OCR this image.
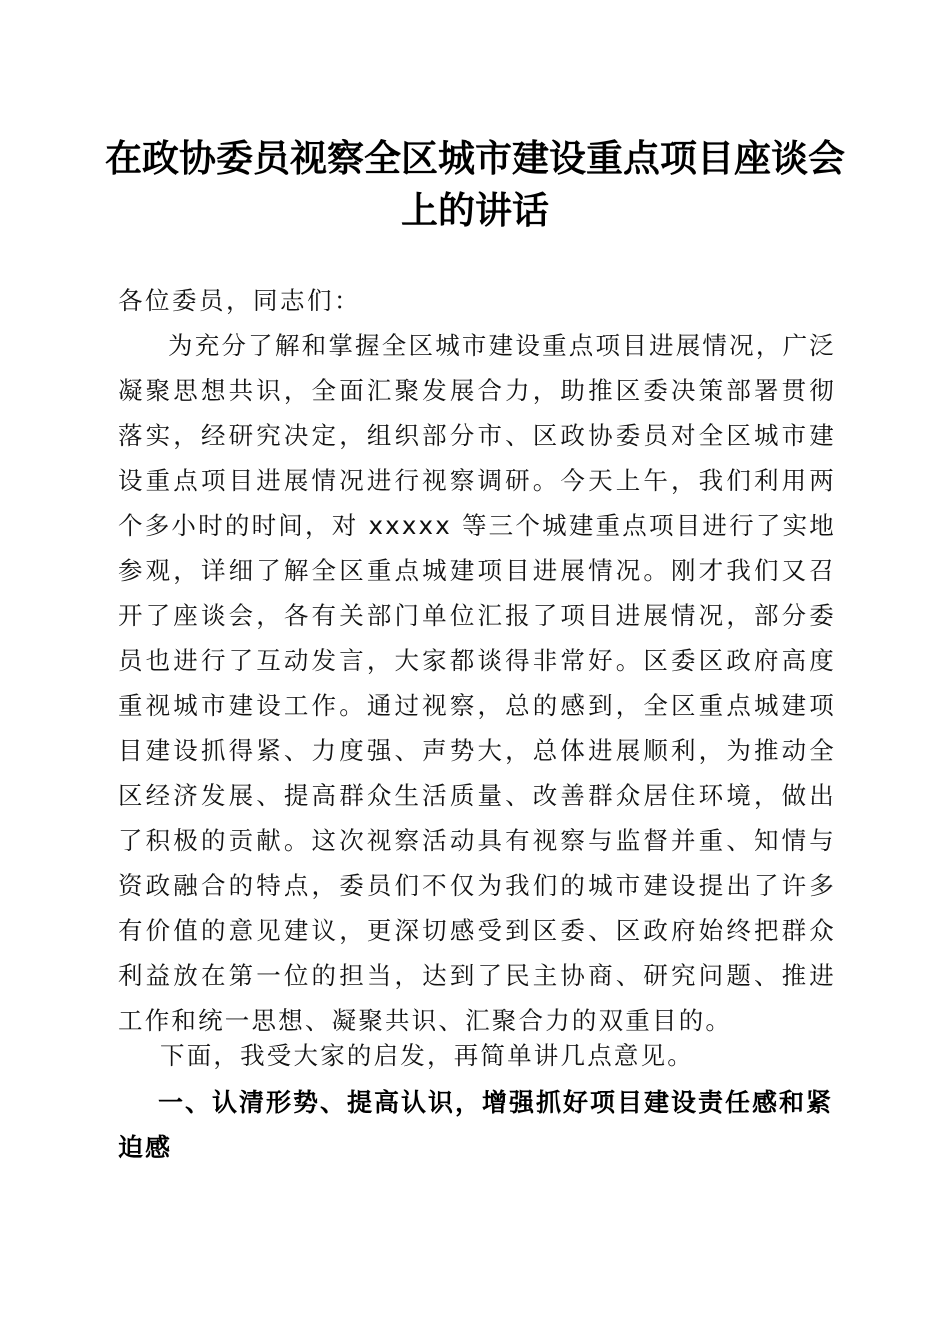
在政协委员视察全区城市建设重点项目座谈会
上的讲话

各位委员，同志们：

为充分了解和掌握全区城市建设重点项目进展情况，广泛凝聚思想共识，全面汇聚发展合力，助推区委决策部署贯彻落实，经研究决定，组织部分市、区政协委员对全区城市建设重点项目进展情况进行视察调研。今天上午，我们利用两个多小时的时间，对 xxxxx 等三个城建重点项目进行了实地参观，详细了解全区重点城建项目进展情况。刚才我们又召开了座谈会，各有关部门单位汇报了项目进展情况，部分委员也进行了互动发言，大家都谈得非常好。区委区政府高度重视城市建设工作。通过视察，总的感到，全区重点城建项目建设抓得紧、力度强、声势大，总体进展顺利，为推动全区经济发展、提高群众生活质量、改善群众居住环境，做出了积极的贡献。这次视察活动具有视察与监督并重、知情与资政融合的特点，委员们不仅为我们的城市建设提出了许多有价值的意见建议，更深切感受到区委、区政府始终把群众利益放在第一位的担当，达到了民主协商、研究问题、推进工作和统一思想、凝聚共识、汇聚合力的双重目的。

下面，我受大家的启发，再简单讲几点意见。

一、认清形势、提高认识，增强抓好项目建设责任感和紧迫感
